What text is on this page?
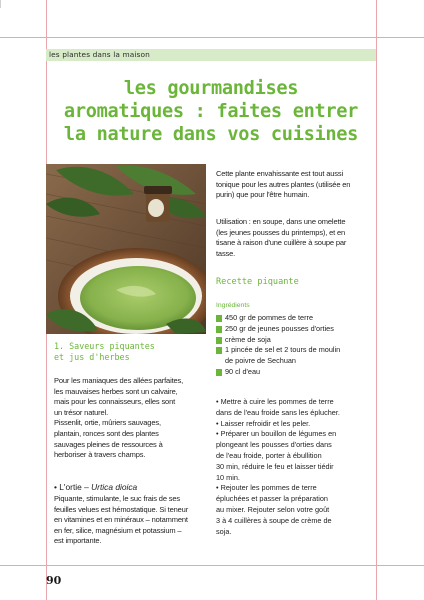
les plantes dans la maison
les gourmandises
aromatiques : faites entrer
la nature dans vos cuisines
1. Saveurs piquantes
et jus d'herbes
Pour les maniaques des allées parfaites,
les mauvaises herbes sont un calvaire,
mais pour les connaisseurs, elles sont
un trésor naturel.
Pissenlit, ortie, mûriers sauvages,
plantain, ronces sont des plantes
sauvages pleines de ressources à
herboriser à travers champs.
• L'ortie – Urtica dioica
Piquante, stimulante, le suc frais de ses
feuilles velues est hémostatique. Si teneur
en vitamines et en minéraux – notamment
en fer, silice, magnésium et potassium –
est importante.
Cette plante envahissante est tout aussi
tonique pour les autres plantes (utilisée en
purin) que pour l'être humain.
Utilisation : en soupe, dans une omelette
(les jeunes pousses du printemps), et en
tisane à raison d'une cuillère à soupe par
tasse.
Recette piquante
Ingrédients
450 gr de pommes de terre
250 gr de jeunes pousses d'orties
crème de soja
1 pincée de sel et 2 tours de moulin
de poivre de Sechuan
90 cl d'eau
• Mettre à cuire les pommes de terre
dans de l'eau froide sans les éplucher.
• Laisser refroidir et les peler.
• Préparer un bouillon de légumes en
plongeant les pousses d'orties dans
de l'eau froide, porter à ébullition
30 min, réduire le feu et laisser tiédir
10 min.
• Rejouter les pommes de terre
épluchées et passer la préparation
au mixer. Rejouter selon votre goût
3 à 4 cuillères à soupe de crème de
soja.
90
